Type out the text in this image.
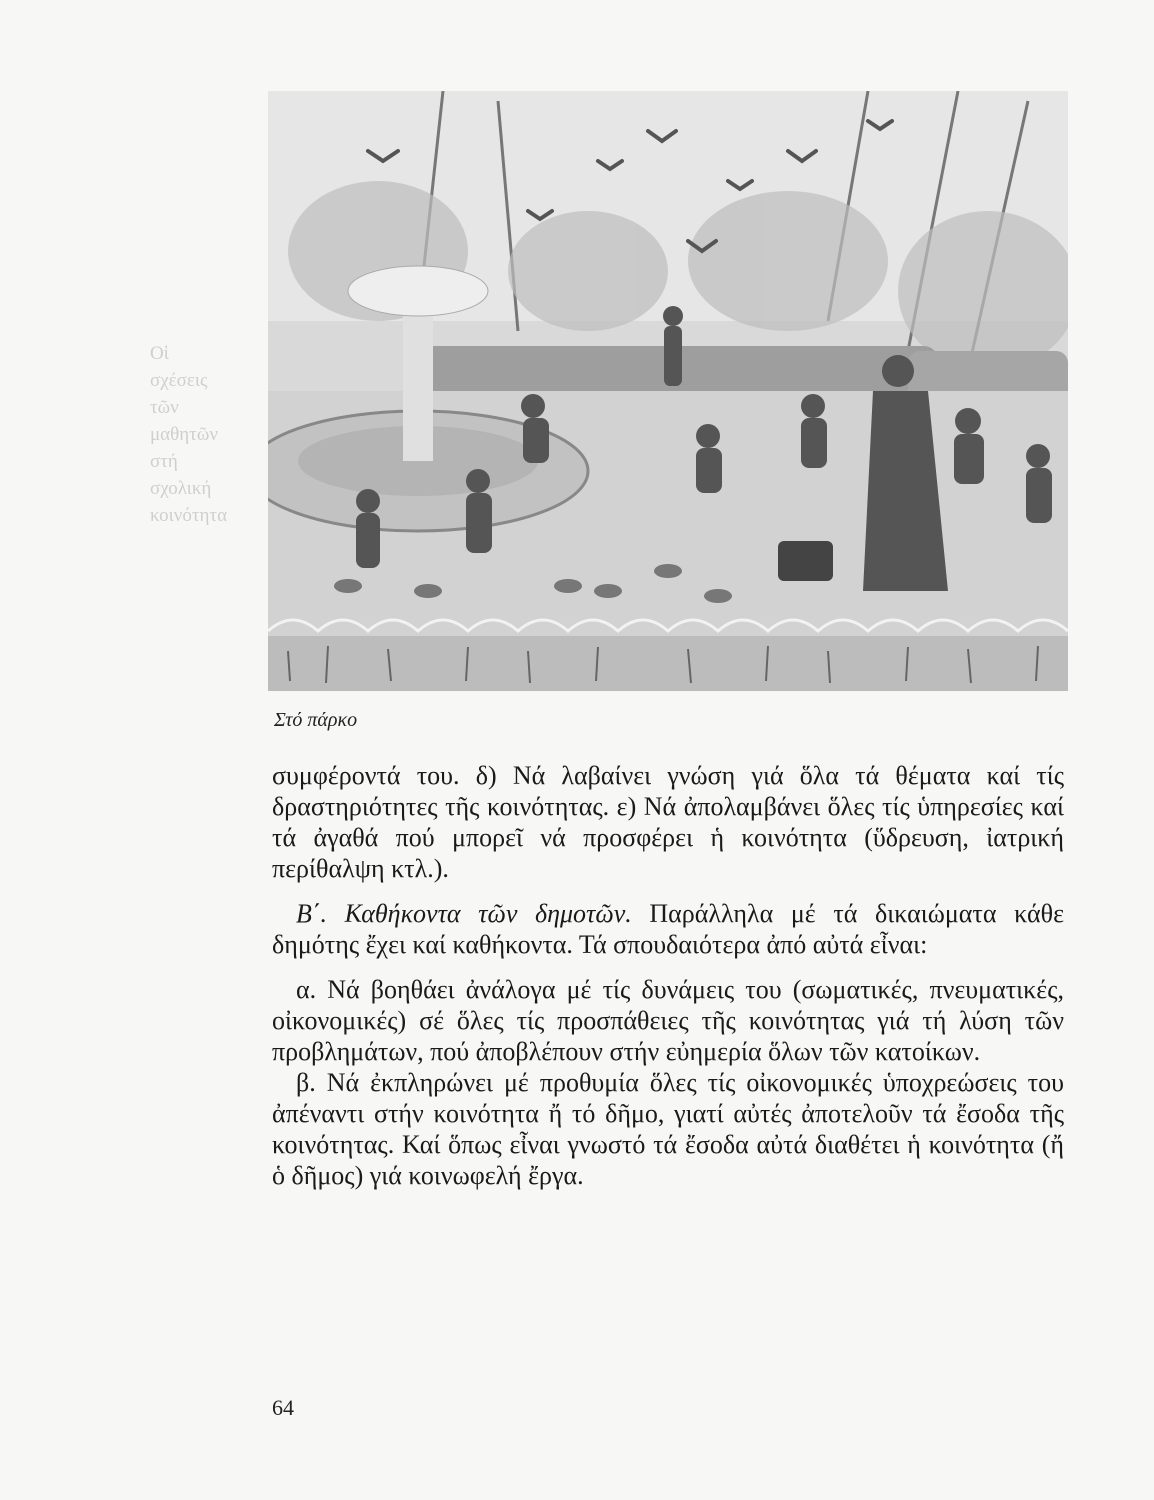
Οἱ
σχέσεις
τῶν
μαθητῶν
στή
σχολική
κοινότητα
Στό πάρκο

συμφέροντά του. δ) Νά λαβαίνει γνώση γιά ὅλα τά θέματα καί τίς δραστηριότητες τῆς κοινότητας. ε) Νά ἀπολαμβάνει ὅλες τίς ὑπηρεσίες καί τά ἀγαθά πού μπορεῖ νά προσφέρει ἡ κοινότητα (ὕδρευση, ἰατρική περίθαλψη κτλ.).

Β΄. Καθήκοντα τῶν δημοτῶν. Παράλληλα μέ τά δικαιώματα κάθε δημότης ἔχει καί καθήκοντα. Τά σπουδαιότερα ἀπό αὐτά εἶναι:

α. Νά βοηθάει ἀνάλογα μέ τίς δυνάμεις του (σωματικές, πνευματικές, οἰκονομικές) σέ ὅλες τίς προσπάθειες τῆς κοινότητας γιά τή λύση τῶν προβλημάτων, πού ἀποβλέπουν στήν εὐημερία ὅλων τῶν κατοίκων.

β. Νά ἐκπληρώνει μέ προθυμία ὅλες τίς οἰκονομικές ὑποχρεώσεις του ἀπέναντι στήν κοινότητα ἤ τό δῆμο, γιατί αὐτές ἀποτελοῦν τά ἔσοδα τῆς κοινότητας. Καί ὅπως εἶναι γνωστό τά ἔσοδα αὐτά διαθέτει ἡ κοινότητα (ἤ ὁ δῆμος) γιά κοινωφελή ἔργα.

64
